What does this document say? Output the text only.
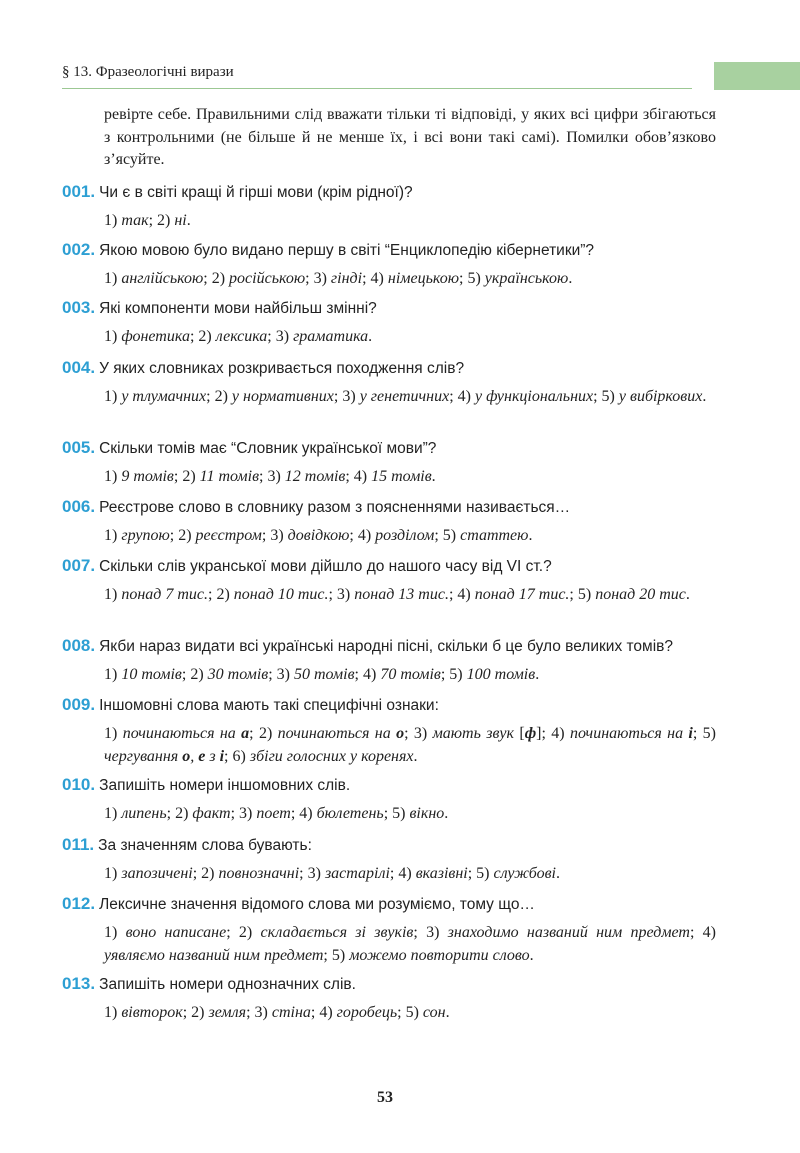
§ 13. Фразеологічні вирази
ревірте себе. Правильними слід вважати тільки ті відповіді, у яких всі цифри збігаються з контрольними (не більше й не менше їх, і всі вони такі самі). Помилки обов’язково з’ясуйте.
001. Чи є в світі кращі й гірші мови (крім рідної)?
1) так; 2) ні.
002. Якою мовою було видано першу в світі “Енциклопедію кібернетики”?
1) англійською; 2) російською; 3) гінді; 4) німецькою; 5) українською.
003. Які компоненти мови найбільш змінні?
1) фонетика; 2) лексика; 3) граматика.
004. У яких словниках розкривається походження слів?
1) у тлумачних; 2) у нормативних; 3) у генетичних; 4) у функціональних; 5) у вибіркових.
005. Скільки томів має “Словник української мови”?
1) 9 томів; 2) 11 томів; 3) 12 томів; 4) 15 томів.
006. Реєстрове слово в словнику разом з поясненнями називається…
1) групою; 2) реєстром; 3) довідкою; 4) розділом; 5) статтею.
007. Скільки слів укранської мови дійшло до нашого часу від VI ст.?
1) понад 7 тис.; 2) понад 10 тис.; 3) понад 13 тис.; 4) понад 17 тис.; 5) понад 20 тис.
008. Якби нараз видати всі українські народні пісні, скільки б це було великих томів?
1) 10 томів; 2) 30 томів; 3) 50 томів; 4) 70 томів; 5) 100 томів.
009. Іншомовні слова мають такі специфічні ознаки:
1) починаються на а; 2) починаються на о; 3) мають звук [ф]; 4) починаються на і; 5) чергування о, е з і; 6) збіги голосних у коренях.
010. Запишіть номери іншомовних слів.
1) липень; 2) факт; 3) поет; 4) бюлетень; 5) вікно.
011. За значенням слова бувають:
1) запозичені; 2) повнозначні; 3) застарілі; 4) вказівні; 5) службові.
012. Лексичне значення відомого слова ми розуміємо, тому що…
1) воно написане; 2) складається зі звуків; 3) знаходимо названий ним предмет; 4) уявляємо названий ним предмет; 5) можемо повторити слово.
013. Запишіть номери однозначних слів.
1) вівторок; 2) земля; 3) стіна; 4) горобець; 5) сон.
53
